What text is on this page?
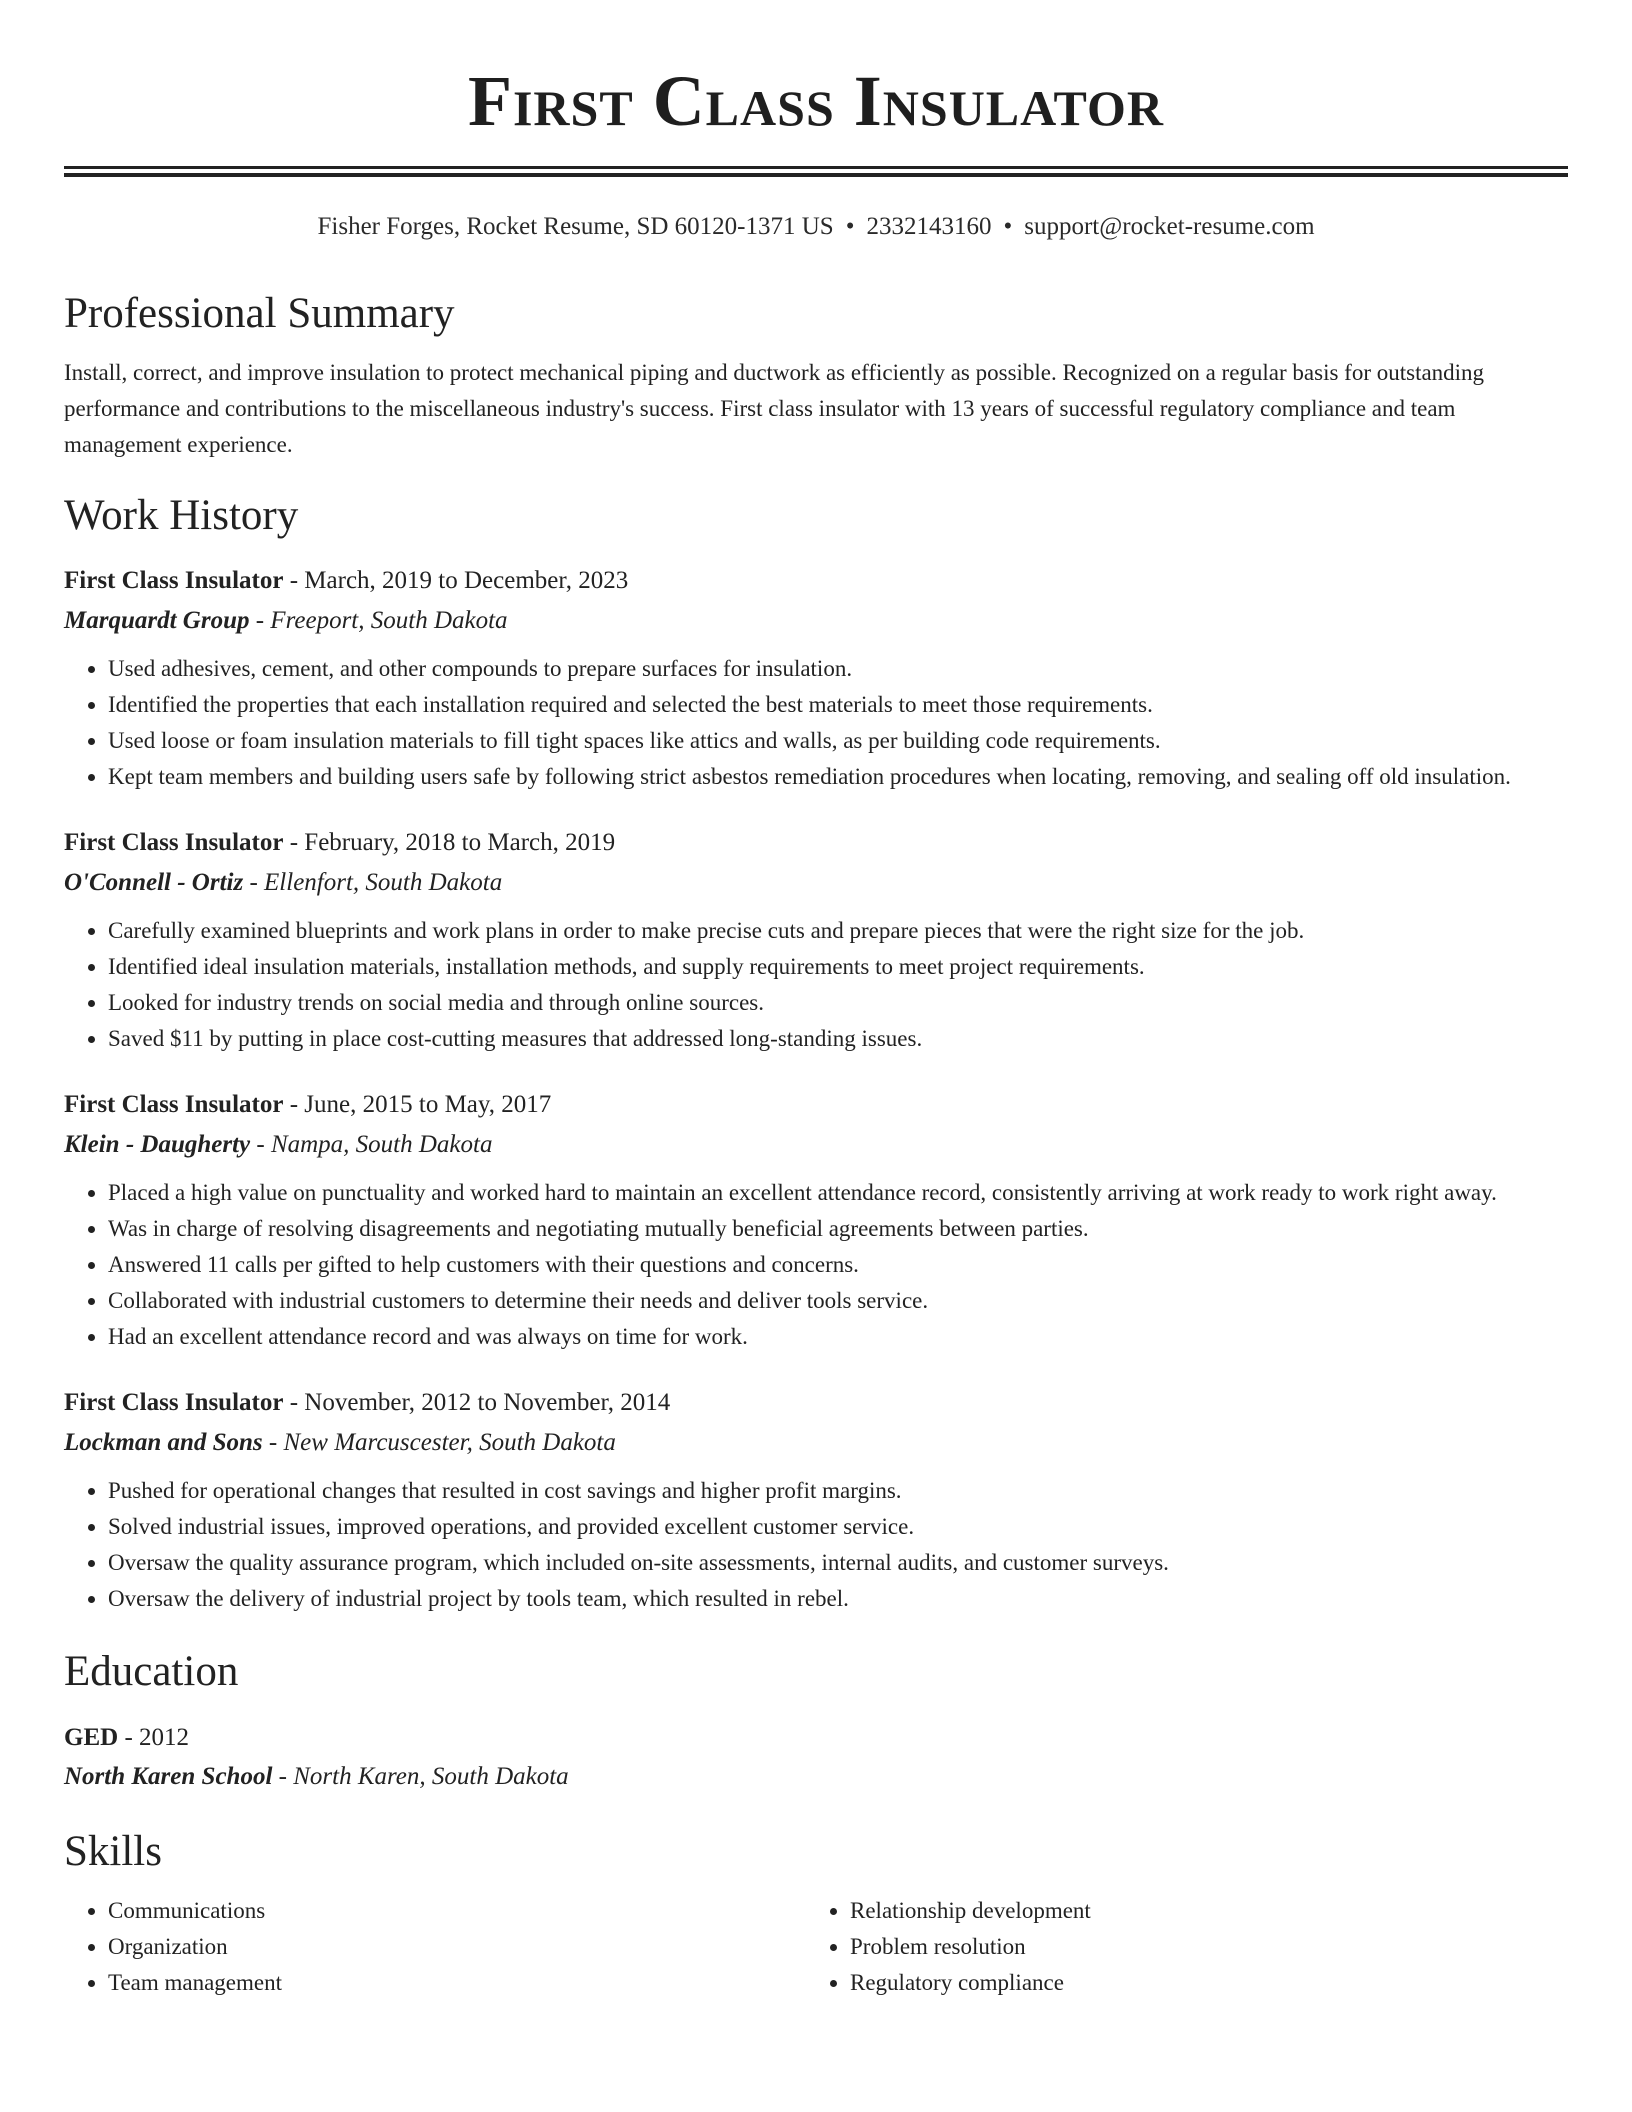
First Class Insulator
Fisher Forges, Rocket Resume, SD 60120-1371 US • 2332143160 • support@rocket-resume.com
Professional Summary

Install, correct, and improve insulation to protect mechanical piping and ductwork as efficiently as possible. Recognized on a regular basis for outstanding performance and contributions to the miscellaneous industry's success. First class insulator with 13 years of successful regulatory compliance and team management experience.

Work History
First Class Insulator - March, 2019 to December, 2023
Marquardt Group - Freeport, South Dakota
• Used adhesives, cement, and other compounds to prepare surfaces for insulation.
• Identified the properties that each installation required and selected the best materials to meet those requirements.
• Used loose or foam insulation materials to fill tight spaces like attics and walls, as per building code requirements.
• Kept team members and building users safe by following strict asbestos remediation procedures when locating, removing, and sealing off old insulation.
First Class Insulator - February, 2018 to March, 2019
O'Connell - Ortiz - Ellenfort, South Dakota
• Carefully examined blueprints and work plans in order to make precise cuts and prepare pieces that were the right size for the job.
• Identified ideal insulation materials, installation methods, and supply requirements to meet project requirements.
• Looked for industry trends on social media and through online sources.
• Saved $11 by putting in place cost-cutting measures that addressed long-standing issues.
First Class Insulator - June, 2015 to May, 2017
Klein - Daugherty - Nampa, South Dakota
• Placed a high value on punctuality and worked hard to maintain an excellent attendance record, consistently arriving at work ready to work right away.
• Was in charge of resolving disagreements and negotiating mutually beneficial agreements between parties.
• Answered 11 calls per gifted to help customers with their questions and concerns.
• Collaborated with industrial customers to determine their needs and deliver tools service.
• Had an excellent attendance record and was always on time for work.
First Class Insulator - November, 2012 to November, 2014
Lockman and Sons - New Marcuscester, South Dakota
• Pushed for operational changes that resulted in cost savings and higher profit margins.
• Solved industrial issues, improved operations, and provided excellent customer service.
• Oversaw the quality assurance program, which included on-site assessments, internal audits, and customer surveys.
• Oversaw the delivery of industrial project by tools team, which resulted in rebel.
Education
GED - 2012
North Karen School - North Karen, South Dakota
Skills
• Communications
• Organization
• Team management
• Relationship development
• Problem resolution
• Regulatory compliance
